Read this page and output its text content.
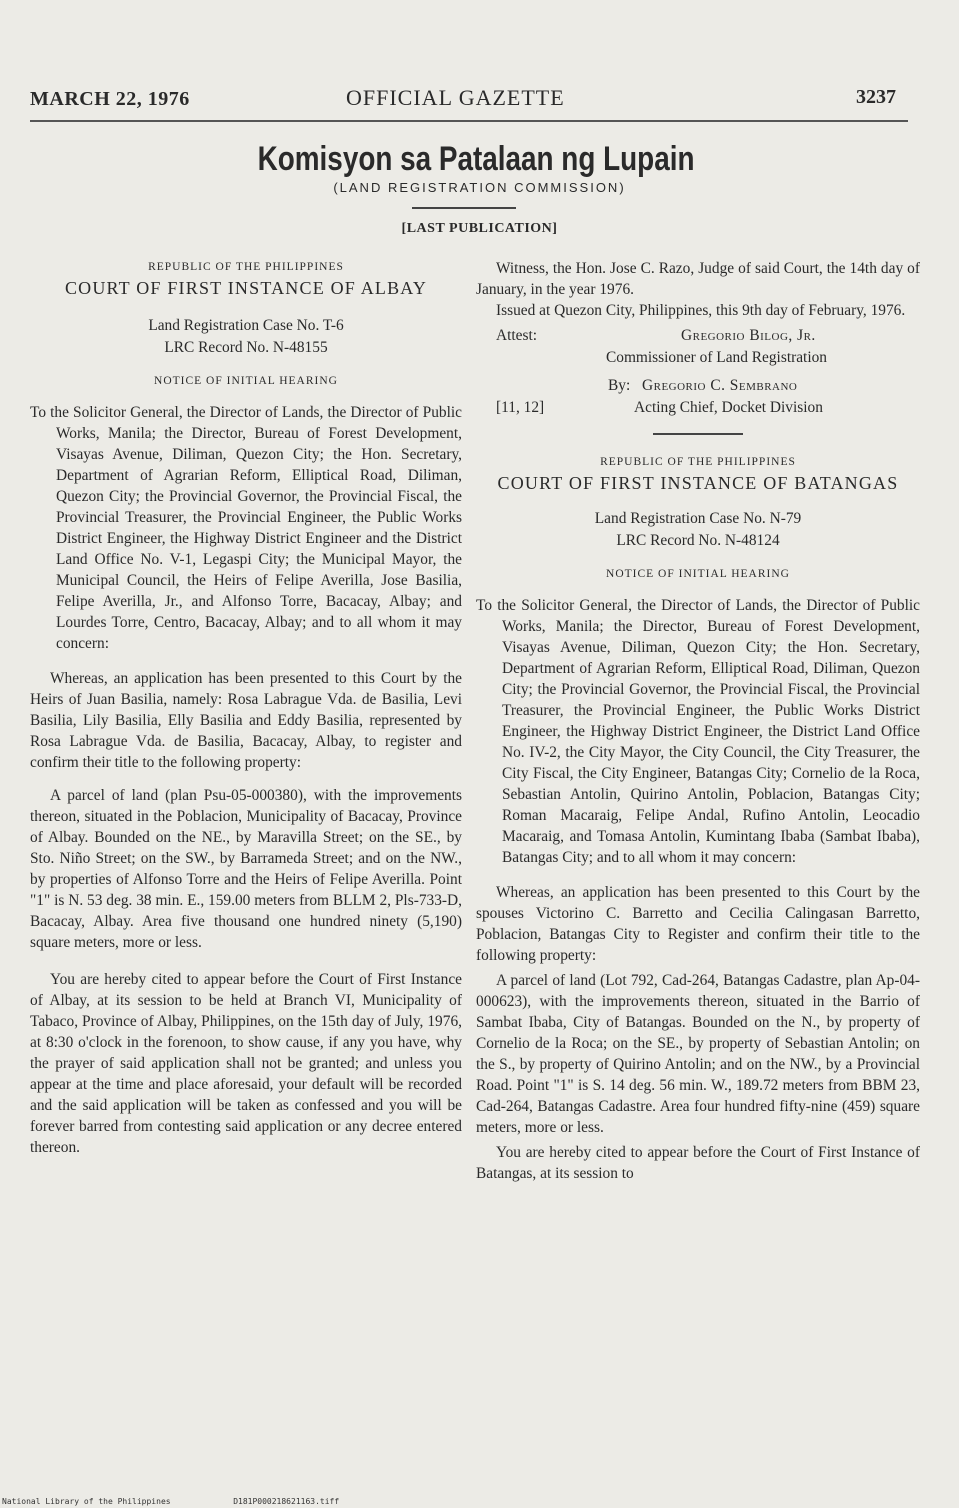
MARCH 22, 1976	OFFICIAL GAZETTE	3237
Komisyon sa Patalaan ng Lupain
(LAND REGISTRATION COMMISSION)
[LAST PUBLICATION]
REPUBLIC OF THE PHILIPPINES
COURT OF FIRST INSTANCE OF ALBAY
Land Registration Case No. T-6
LRC Record No. N-48155
NOTICE OF INITIAL HEARING

To the Solicitor General, the Director of Lands, the Director of Public Works, Manila; the Director, Bureau of Forest Development, Visayas Avenue, Diliman, Quezon City; the Hon. Secretary, Department of Agrarian Reform, Elliptical Road, Diliman, Quezon City; the Provincial Governor, the Provincial Fiscal, the Provincial Treasurer, the Provincial Engineer, the Public Works District Engineer, the Highway District Engineer and the District Land Office No. V-1, Legaspi City; the Municipal Mayor, the Municipal Council, the Heirs of Felipe Averilla, Jose Basilia, Felipe Averilla, Jr., and Alfonso Torre, Bacacay, Albay; and Lourdes Torre, Centro, Bacacay, Albay; and to all whom it may concern:

Whereas, an application has been presented to this Court by the Heirs of Juan Basilia, namely: Rosa Labrague Vda. de Basilia, Levi Basilia, Lily Basilia, Elly Basilia and Eddy Basilia, represented by Rosa Labrague Vda. de Basilia, Bacacay, Albay, to register and confirm their title to the following property:

A parcel of land (plan Psu-05-000380), with the improvements thereon, situated in the Poblacion, Municipality of Bacacay, Province of Albay. Bounded on the NE., by Maravilla Street; on the SE., by Sto. Niño Street; on the SW., by Barrameda Street; and on the NW., by properties of Alfonso Torre and the Heirs of Felipe Averilla. Point "1" is N. 53 deg. 38 min. E., 159.00 meters from BLLM 2, Pls-733-D, Bacacay, Albay. Area five thousand one hundred ninety (5,190) square meters, more or less.

You are hereby cited to appear before the Court of First Instance of Albay, at its session to be held at Branch VI, Municipality of Tabaco, Province of Albay, Philippines, on the 15th day of July, 1976, at 8:30 o'clock in the forenoon, to show cause, if any you have, why the prayer of said application shall not be granted; and unless you appear at the time and place aforesaid, your default will be recorded and the said application will be taken as confessed and you will be forever barred from contesting said application or any decree entered thereon.

Witness, the Hon. Jose C. Razo, Judge of said Court, the 14th day of January, in the year 1976.

Issued at Quezon City, Philippines, this 9th day of February, 1976.

Attest:	Gregorio Bilog, Jr.
Commissioner of Land Registration
By: Gregorio C. Sembrano
[11, 12]	Acting Chief, Docket Division
REPUBLIC OF THE PHILIPPINES
COURT OF FIRST INSTANCE OF BATANGAS
Land Registration Case No. N-79
LRC Record No. N-48124
NOTICE OF INITIAL HEARING

To the Solicitor General, the Director of Lands, the Director of Public Works, Manila; the Director, Bureau of Forest Development, Visayas Avenue, Diliman, Quezon City; the Hon. Secretary, Department of Agrarian Reform, Elliptical Road, Diliman, Quezon City; the Provincial Governor, the Provincial Fiscal, the Provincial Treasurer, the Provincial Engineer, the Public Works District Engineer, the Highway District Engineer, the District Land Office No. IV-2, the City Mayor, the City Council, the City Treasurer, the City Fiscal, the City Engineer, Batangas City; Cornelio de la Roca, Sebastian Antolin, Quirino Antolin, Poblacion, Batangas City; Roman Macaraig, Felipe Andal, Rufino Antolin, Leocadio Macaraig, and Tomasa Antolin, Kumintang Ibaba (Sambat Ibaba), Batangas City; and to all whom it may concern:

Whereas, an application has been presented to this Court by the spouses Victorino C. Barretto and Cecilia Calingasan Barretto, Poblacion, Batangas City to Register and confirm their title to the following property:

A parcel of land (Lot 792, Cad-264, Batangas Cadastre, plan Ap-04-000623), with the improvements thereon, situated in the Barrio of Sambat Ibaba, City of Batangas. Bounded on the N., by property of Cornelio de la Roca; on the SE., by property of Sebastian Antolin; on the S., by property of Quirino Antolin; and on the NW., by a Provincial Road. Point "1" is S. 14 deg. 56 min. W., 189.72 meters from BBM 23, Cad-264, Batangas Cadastre. Area four hundred fifty-nine (459) square meters, more or less.

You are hereby cited to appear before the Court of First Instance of Batangas, at its session to

National Library of the Philippines	D181P000218621163.tiff
